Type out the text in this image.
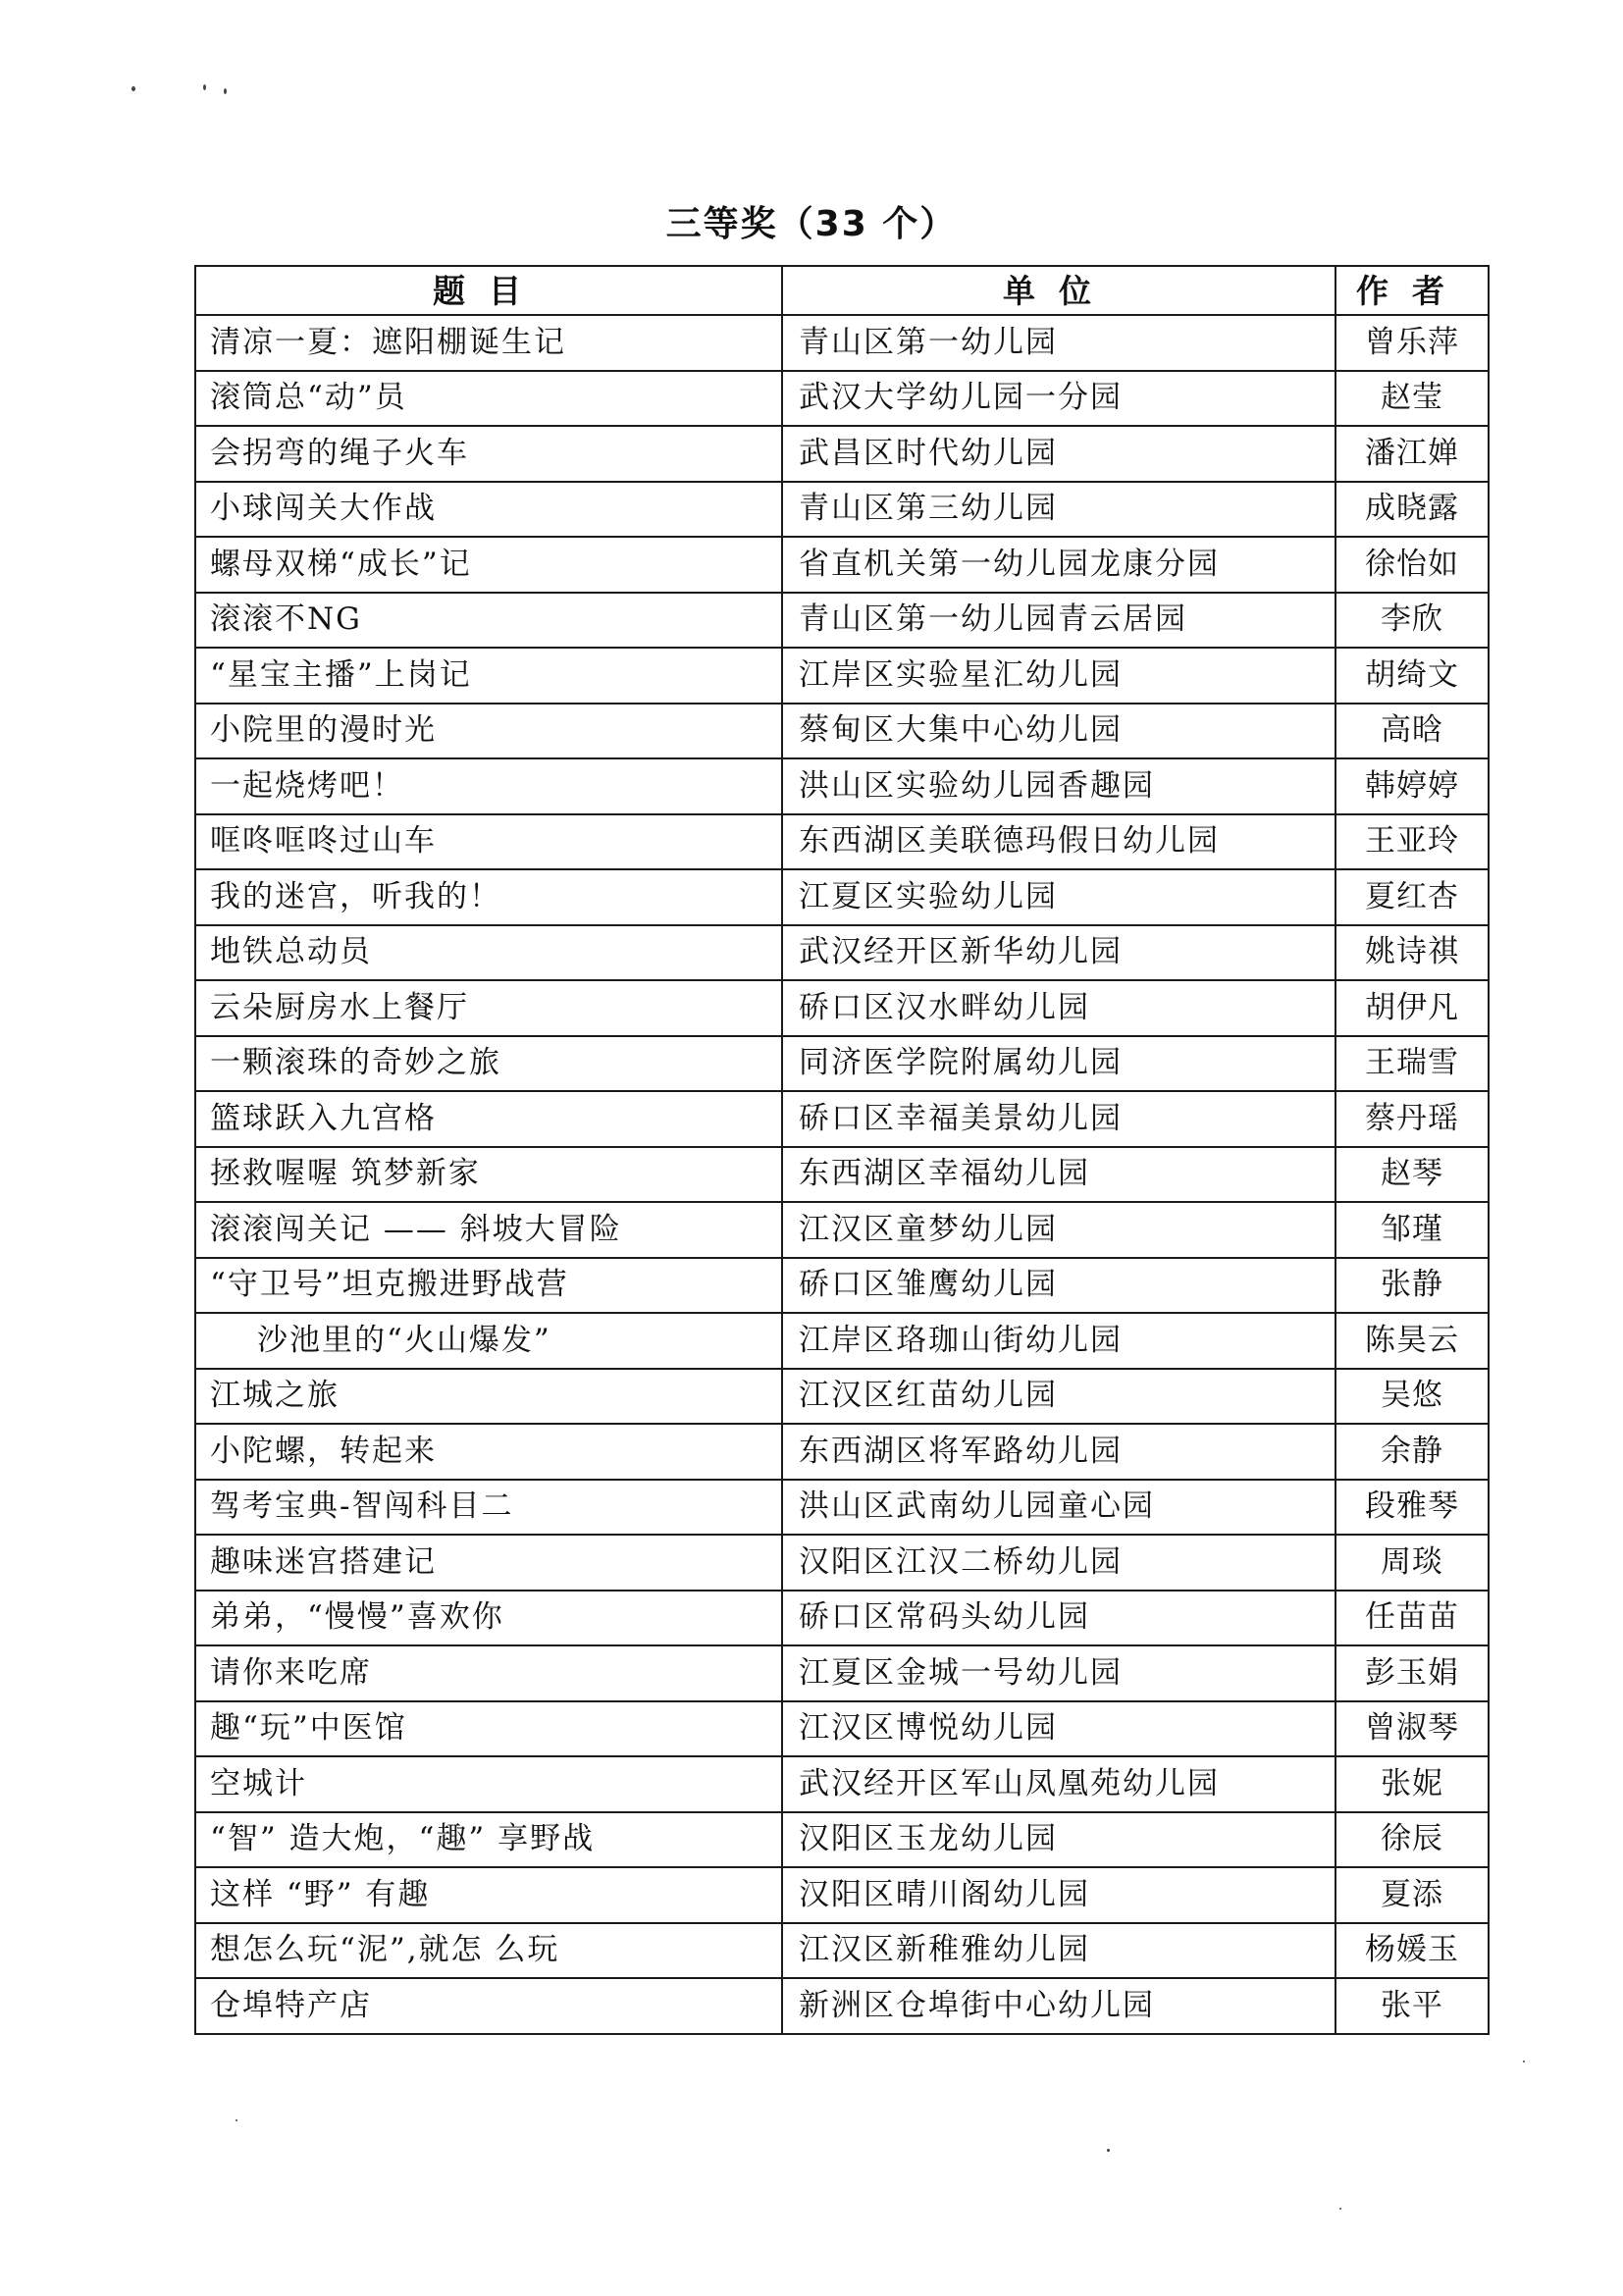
三等奖（33 个）
题目	单位	作者
清凉一夏：遮阳棚诞生记	青山区第一幼儿园	曾乐萍
滚筒总“动”员	武汉大学幼儿园一分园	赵莹
会拐弯的绳子火车	武昌区时代幼儿园	潘江婵
小球闯关大作战	青山区第三幼儿园	成晓露
螺母双梯“成长”记	省直机关第一幼儿园龙康分园	徐怡如
滚滚不NG	青山区第一幼儿园青云居园	李欣
“星宝主播”上岗记	江岸区实验星汇幼儿园	胡绮文
小院里的漫时光	蔡甸区大集中心幼儿园	高晗
一起烧烤吧！	洪山区实验幼儿园香趣园	韩婷婷
哐咚哐咚过山车	东西湖区美联德玛假日幼儿园	王亚玲
我的迷宫，听我的！	江夏区实验幼儿园	夏红杏
地铁总动员	武汉经开区新华幼儿园	姚诗祺
云朵厨房水上餐厅	硚口区汉水畔幼儿园	胡伊凡
一颗滚珠的奇妙之旅	同济医学院附属幼儿园	王瑞雪
篮球跃入九宫格	硚口区幸福美景幼儿园	蔡丹瑶
拯救喔喔 筑梦新家	东西湖区幸福幼儿园	赵琴
滚滚闯关记 —— 斜坡大冒险	江汉区童梦幼儿园	邹瑾
“守卫号”坦克搬进野战营	硚口区雏鹰幼儿园	张静
沙池里的“火山爆发”	江岸区珞珈山街幼儿园	陈昊云
江城之旅	江汉区红苗幼儿园	吴悠
小陀螺，转起来	东西湖区将军路幼儿园	余静
驾考宝典-智闯科目二	洪山区武南幼儿园童心园	段雅琴
趣味迷宫搭建记	汉阳区江汉二桥幼儿园	周琰
弟弟，“慢慢”喜欢你	硚口区常码头幼儿园	任苗苗
请你来吃席	江夏区金城一号幼儿园	彭玉娟
趣“玩”中医馆	江汉区博悦幼儿园	曾淑琴
空城计	武汉经开区军山凤凰苑幼儿园	张妮
“智” 造大炮，“趣” 享野战	汉阳区玉龙幼儿园	徐辰
这样 “野” 有趣	汉阳区晴川阁幼儿园	夏添
想怎么玩“泥”,就怎 么玩	江汉区新稚雅幼儿园	杨媛玉
仓埠特产店	新洲区仓埠街中心幼儿园	张平
